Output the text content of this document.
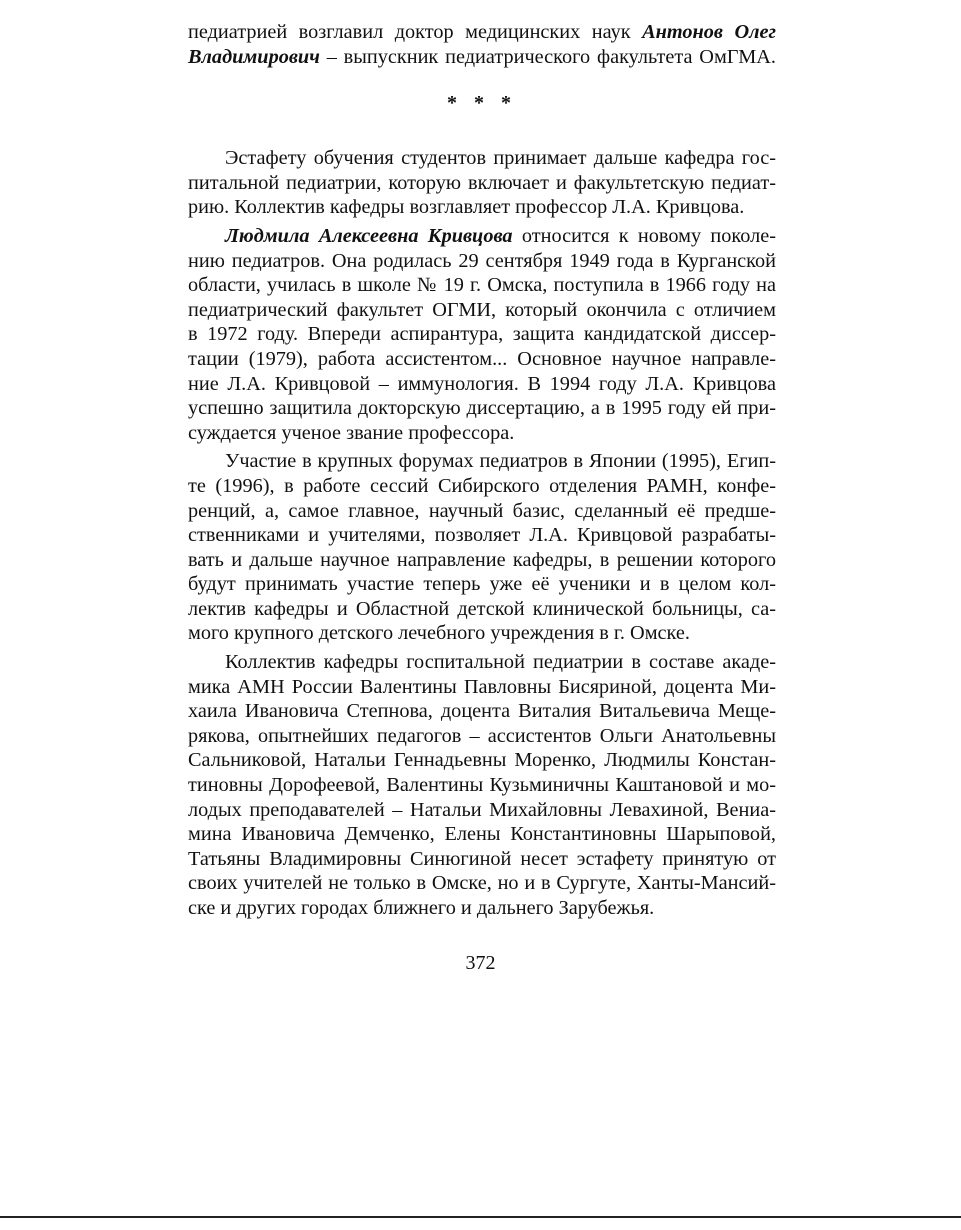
педиатрией возглавил доктор медицинских наук Антонов Олег
Владимирович – выпускник педиатрического факультета ОмГМА.
* * *
Эстафету обучения студентов принимает дальше кафедра гос-
питальной педиатрии, которую включает и факультетскую педиат-
рию. Коллектив кафедры возглавляет профессор Л.А. Кривцова.
Людмила Алексеевна Кривцова относится к новому поколе-
нию педиатров. Она родилась 29 сентября 1949 года в Курганской
области, училась в школе № 19 г. Омска, поступила в 1966 году на
педиатрический факультет ОГМИ, который окончила с отличием
в 1972 году. Впереди аспирантура, защита кандидатской диссер-
тации (1979), работа ассистентом... Основное научное направле-
ние Л.А. Кривцовой – иммунология. В 1994 году Л.А. Кривцова
успешно защитила докторскую диссертацию, а в 1995 году ей при-
суждается ученое звание профессора.
Участие в крупных форумах педиатров в Японии (1995), Егип-
те (1996), в работе сессий Сибирского отделения РАМН, конфе-
ренций, а, самое главное, научный базис, сделанный её предше-
ственниками и учителями, позволяет Л.А. Кривцовой разрабаты-
вать и дальше научное направление кафедры, в решении которого
будут принимать участие теперь уже её ученики и в целом кол-
лектив кафедры и Областной детской клинической больницы, са-
мого крупного детского лечебного учреждения в г. Омске.
Коллектив кафедры госпитальной педиатрии в составе акаде-
мика АМН России Валентины Павловны Бисяриной, доцента Ми-
хаила Ивановича Степнова, доцента Виталия Витальевича Меще-
рякова, опытнейших педагогов – ассистентов Ольги Анатольевны
Сальниковой, Натальи Геннадьевны Моренко, Людмилы Констан-
тиновны Дорофеевой, Валентины Кузьминичны Каштановой и мо-
лодых преподавателей – Натальи Михайловны Левахиной, Вениа-
мина Ивановича Демченко, Елены Константиновны Шарыповой,
Татьяны Владимировны Синюгиной несет эстафету принятую от
своих учителей не только в Омске, но и в Сургуте, Ханты-Мансий-
ске и других городах ближнего и дальнего Зарубежья.
372
